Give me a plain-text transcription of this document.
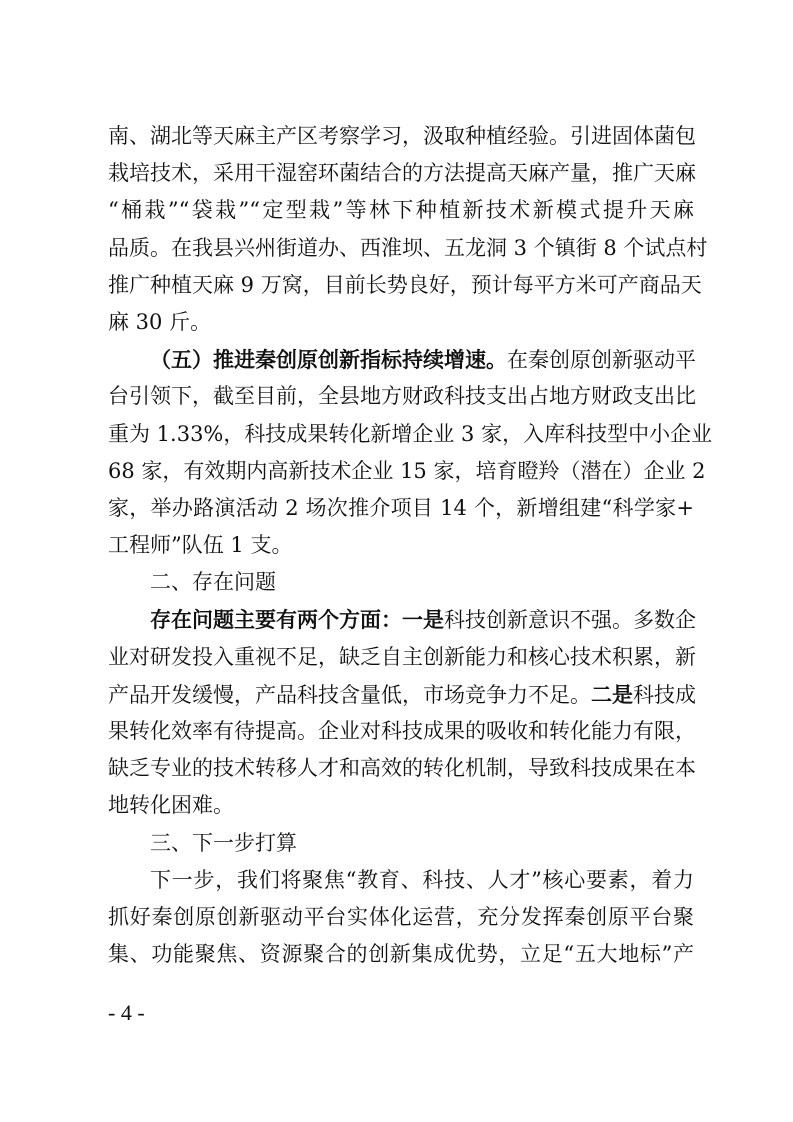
南、湖北等天麻主产区考察学习，汲取种植经验。引进固体菌包
栽培技术，采用干湿窑环菌结合的方法提高天麻产量，推广天麻
“桶栽”“袋栽”“定型栽”等林下种植新技术新模式提升天麻
品质。在我县兴州街道办、西淮坝、五龙洞 3 个镇街 8 个试点村
推广种植天麻 9 万窝，目前长势良好，预计每平方米可产商品天
麻 30 斤。
（五）推进秦创原创新指标持续增速。在秦创原创新驱动平
台引领下，截至目前，全县地方财政科技支出占地方财政支出比
重为 1.33%，科技成果转化新增企业 3 家，入库科技型中小企业
68 家，有效期内高新技术企业 15 家，培育瞪羚（潜在）企业 2
家，举办路演活动 2 场次推介项目 14 个，新增组建“科学家+
工程师”队伍 1 支。
二、存在问题
存在问题主要有两个方面：一是科技创新意识不强。多数企
业对研发投入重视不足，缺乏自主创新能力和核心技术积累，新
产品开发缓慢，产品科技含量低，市场竞争力不足。二是科技成
果转化效率有待提高。企业对科技成果的吸收和转化能力有限，
缺乏专业的技术转移人才和高效的转化机制，导致科技成果在本
地转化困难。
三、下一步打算
下一步，我们将聚焦“教育、科技、人才”核心要素，着力
抓好秦创原创新驱动平台实体化运营，充分发挥秦创原平台聚
集、功能聚焦、资源聚合的创新集成优势，立足“五大地标”产
- 4 -
